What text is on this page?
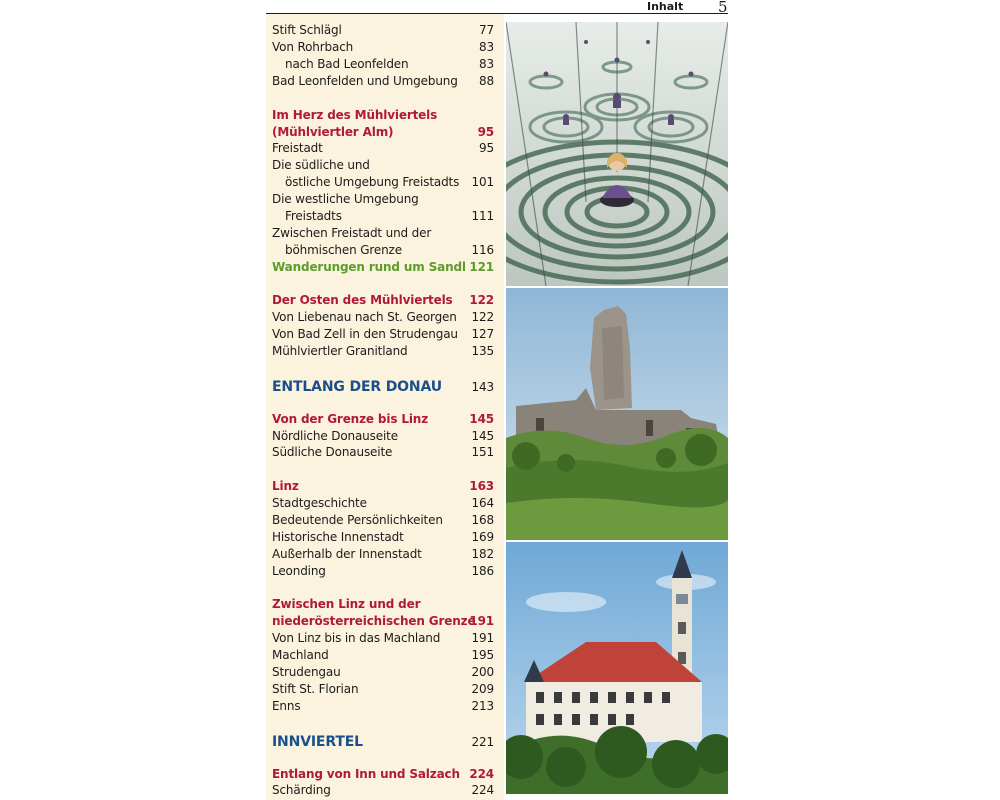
Inhalt 5
Stift Schlägl	77
Von Rohrbach	83
nach Bad Leonfelden	83
Bad Leonfelden und Umgebung 88
Im Herz des Mühlviertels
(Mühlviertler Alm)	95
Freistadt	95
Die südliche und
östliche Umgebung Freistadts 101
Die westliche Umgebung
Freistadts	111
Zwischen Freistadt und der
böhmischen Grenze	116
Wanderungen rund um Sandl 121
Der Osten des Mühlviertels 122
Von Liebenau nach St. Georgen 122
Von Bad Zell in den Strudengau 127
Mühlviertler Granitland	135
ENTLANG DER DONAU 143
Von der Grenze bis Linz	145
Nördliche Donauseite	145
Südliche Donauseite	151
Linz	163
Stadtgeschichte	164
Bedeutende Persönlichkeiten 168
Historische Innenstadt	169
Außerhalb der Innenstadt	182
Leonding	186
Zwischen Linz und der
niederösterreichischen Grenze
191
Von Linz bis in das Machland	191
Machland	195
Strudengau	200
Stift St. Florian	209
Enns	213
INNVIERTEL	221
Entlang von Inn und Salzach 224
Schärding	224
